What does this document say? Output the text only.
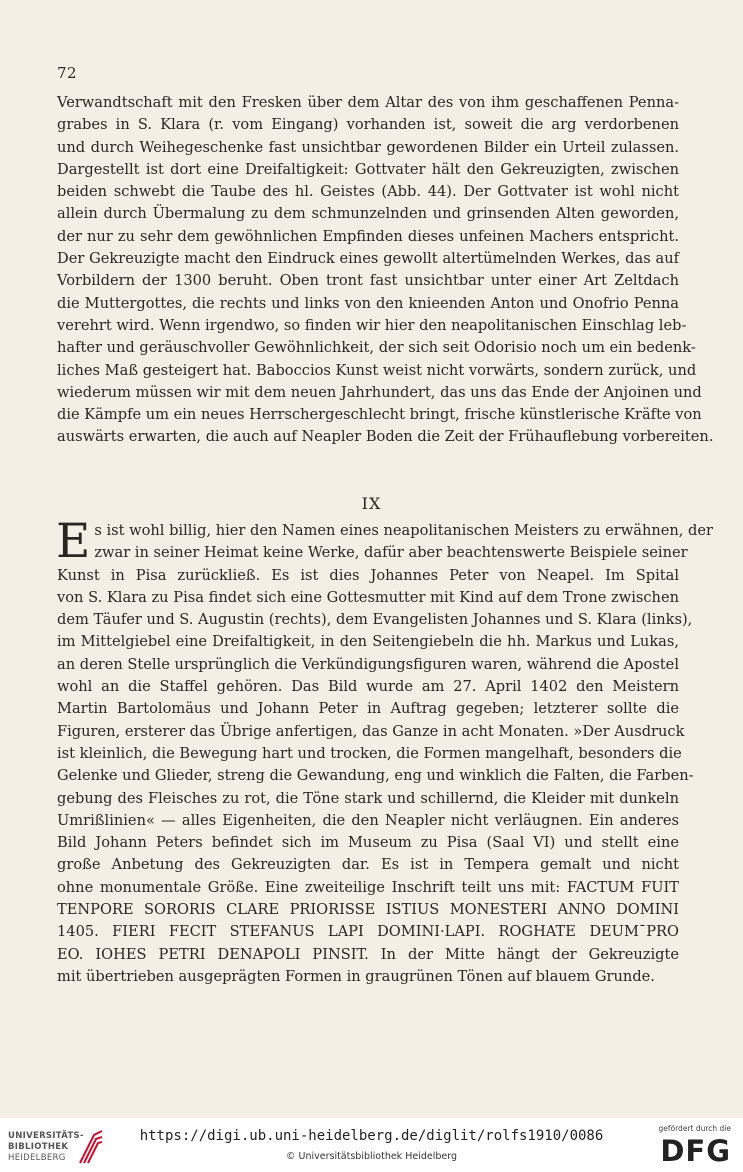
72
Verwandtschaft mit den Fresken über dem Altar des von ihm geschaffenen Penna-
grabes in S. Klara (r. vom Eingang) vorhanden ist, soweit die arg verdorbenen
und durch Weihegeschenke fast unsichtbar gewordenen Bilder ein Urteil zulassen.
Dargestellt ist dort eine Dreifaltigkeit: Gottvater hält den Gekreuzigten, zwischen
beiden schwebt die Taube des hl. Geistes (Abb. 44). Der Gottvater ist wohl nicht
allein durch Übermalung zu dem schmunzelnden und grinsenden Alten geworden,
der nur zu sehr dem gewöhnlichen Empfinden dieses unfeinen Machers entspricht.
Der Gekreuzigte macht den Eindruck eines gewollt altertümelnden Werkes, das auf
Vorbildern der 1300 beruht. Oben tront fast unsichtbar unter einer Art Zeltdach
die Muttergottes, die rechts und links von den knieenden Anton und Onofrio Penna
verehrt wird. Wenn irgendwo, so finden wir hier den neapolitanischen Einschlag leb-
hafter und geräuschvoller Gewöhnlichkeit, der sich seit Odorisio noch um ein bedenk-
liches Maß gesteigert hat. Baboccios Kunst weist nicht vorwärts, sondern zurück, und
wiederum müssen wir mit dem neuen Jahrhundert, das uns das Ende der Anjoinen und
die Kämpfe um ein neues Herrschergeschlecht bringt, frische künstlerische Kräfte von
auswärts erwarten, die auch auf Neapler Boden die Zeit der Frühauflebung vorbereiten.
IX
E s ist wohl billig, hier den Namen eines neapolitanischen Meisters zu erwähnen, der
zwar in seiner Heimat keine Werke, dafür aber beachtenswerte Beispiele seiner
Kunst in Pisa zurückließ. Es ist dies Johannes Peter von Neapel. Im Spital
von S. Klara zu Pisa findet sich eine Gottesmutter mit Kind auf dem Trone zwischen
dem Täufer und S. Augustin (rechts), dem Evangelisten Johannes und S. Klara (links),
im Mittelgiebel eine Dreifaltigkeit, in den Seitengiebeln die hh. Markus und Lukas,
an deren Stelle ursprünglich die Verkündigungsfiguren waren, während die Apostel
wohl an die Staffel gehören. Das Bild wurde am 27. April 1402 den Meistern
Martin Bartolomäus und Johann Peter in Auftrag gegeben; letzterer sollte die
Figuren, ersterer das Übrige anfertigen, das Ganze in acht Monaten. »Der Ausdruck
ist kleinlich, die Bewegung hart und trocken, die Formen mangelhaft, besonders die
Gelenke und Glieder, streng die Gewandung, eng und winklich die Falten, die Farben-
gebung des Fleisches zu rot, die Töne stark und schillernd, die Kleider mit dunkeln
Umrißlinien« — alles Eigenheiten, die den Neapler nicht verläugnen. Ein anderes
Bild Johann Peters befindet sich im Museum zu Pisa (Saal VI) und stellt eine
große Anbetung des Gekreuzigten dar. Es ist in Tempera gemalt und nicht
ohne monumentale Größe. Eine zweiteilige Inschrift teilt uns mit: FACTUM FUIT
TENPORE SORORIS CLARE PRIORISSE ISTIUS MONESTERI ANNO DOMINI
1405. FIERI FECIT STEFANUS LAPI DOMINI·LAPI. ROGHATE DEUM¯PRO
EO. IOHES PETRI DENAPOLI PINSIT. In der Mitte hängt der Gekreuzigte
mit übertrieben ausgeprägten Formen in graugrünen Tönen auf blauem Grunde.
UNIVERSITÄTS-
BIBLIOTHEK
HEIDELBERG
https://digi.ub.uni-heidelberg.de/diglit/rolfs1910/0086
© Universitätsbibliothek Heidelberg
gefördert durch die
DFG
